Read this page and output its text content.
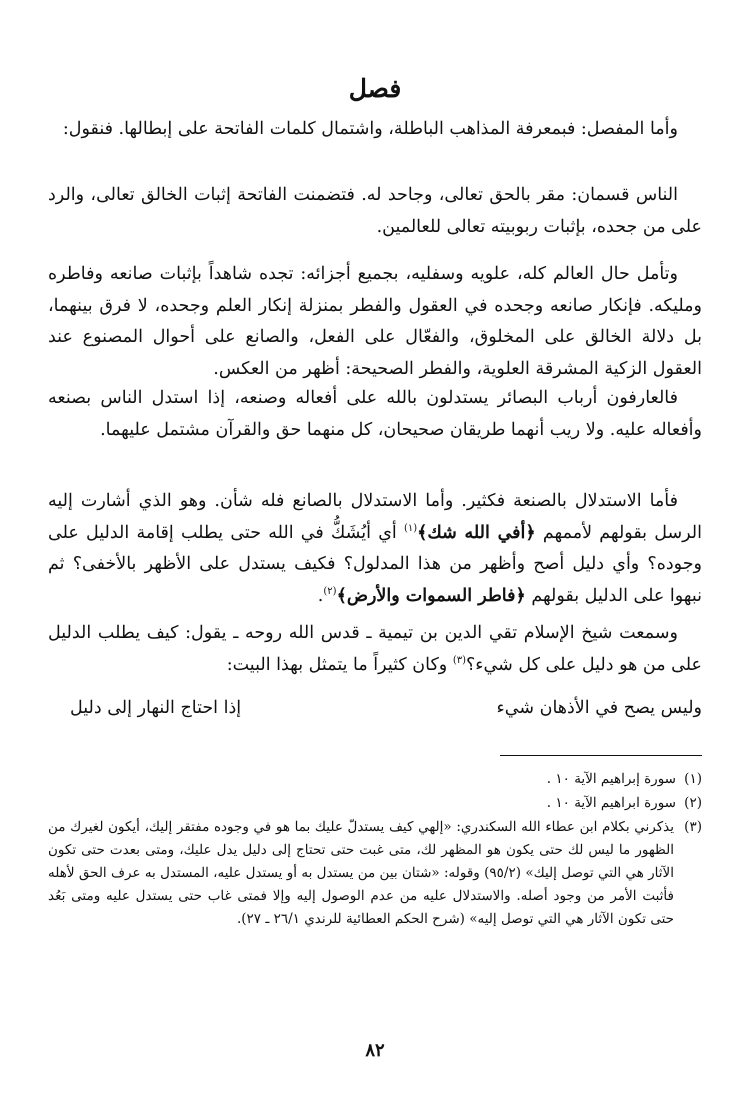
فصل

وأما المفصل: فبمعرفة المذاهب الباطلة، واشتمال كلمات الفاتحة على إبطالها. فنقول:

الناس قسمان: مقر بالحق تعالى، وجاحد له. فتضمنت الفاتحة إثبات الخالق تعالى، والرد على من جحده، بإثبات ربوبيته تعالى للعالمين.

وتأمل حال العالم كله، علويه وسفليه، بجميع أجزائه: تجده شاهداً بإثبات صانعه وفاطره ومليكه. فإنكار صانعه وجحده في العقول والفطر بمنزلة إنكار العلم وجحده، لا فرق بينهما، بل دلالة الخالق على المخلوق، والفعّال على الفعل، والصانع على أحوال المصنوع عند العقول الزكية المشرقة العلوية، والفطر الصحيحة: أظهر من العكس.

فالعارفون أرباب البصائر يستدلون بالله على أفعاله وصنعه، إذا استدل الناس بصنعه وأفعاله عليه. ولا ريب أنهما طريقان صحيحان، كل منهما حق والقرآن مشتمل عليهما.

فأما الاستدلال بالصنعة فكثير. وأما الاستدلال بالصانع فله شأن. وهو الذي أشارت إليه الرسل بقولهم لأممهم ﴿أفي الله شك﴾$^{(١)}$ أي أيُشَكُّ في الله حتى يطلب إقامة الدليل على وجوده؟ وأي دليل أصح وأظهر من هذا المدلول؟ فكيف يستدل على الأظهر بالأخفى؟ ثم نبهوا على الدليل بقولهم ﴿فاطر السموات والأرض﴾$^{(٢)}$.

وسمعت شيخ الإسلام تقي الدين بن تيمية ـ قدس الله روحه ـ يقول: كيف يطلب الدليل على من هو دليل على كل شيء؟$^{(٣)}$ وكان كثيراً ما يتمثل بهذا البيت:

وليس يصح في الأذهان شيء
إذا احتاج النهار إلى دليل

(١)سورة إبراهيم الآية ١٠ .

(٢)سورة ابراهيم الآية ١٠ .

(٣)
يذكرني بكلام ابن عطاء الله السكندري: «إلهي كيف يستدلّ عليك بما هو في وجوده مفتقر إليك، أيكون لغيرك من الظهور ما ليس لك حتى يكون هو المظهر لك، متى غبت حتى تحتاج إلى دليل يدل عليك، ومتى بعدت حتى تكون الآثار هي التي توصل إليك» (٩٥/٢) وقوله: «شتان بين من يستدل به أو يستدل عليه، المستدل به عرف الحق لأهله فأثبت الأمر من وجود أصله. والاستدلال عليه من عدم الوصول إليه وإلا فمتى غاب حتى يستدل عليه ومتى بَعُد حتى تكون الآثار هي التي توصل إليه» (شرح الحكم العطائية للرندي ٢٦/١ ـ ٢٧).

٨٢
